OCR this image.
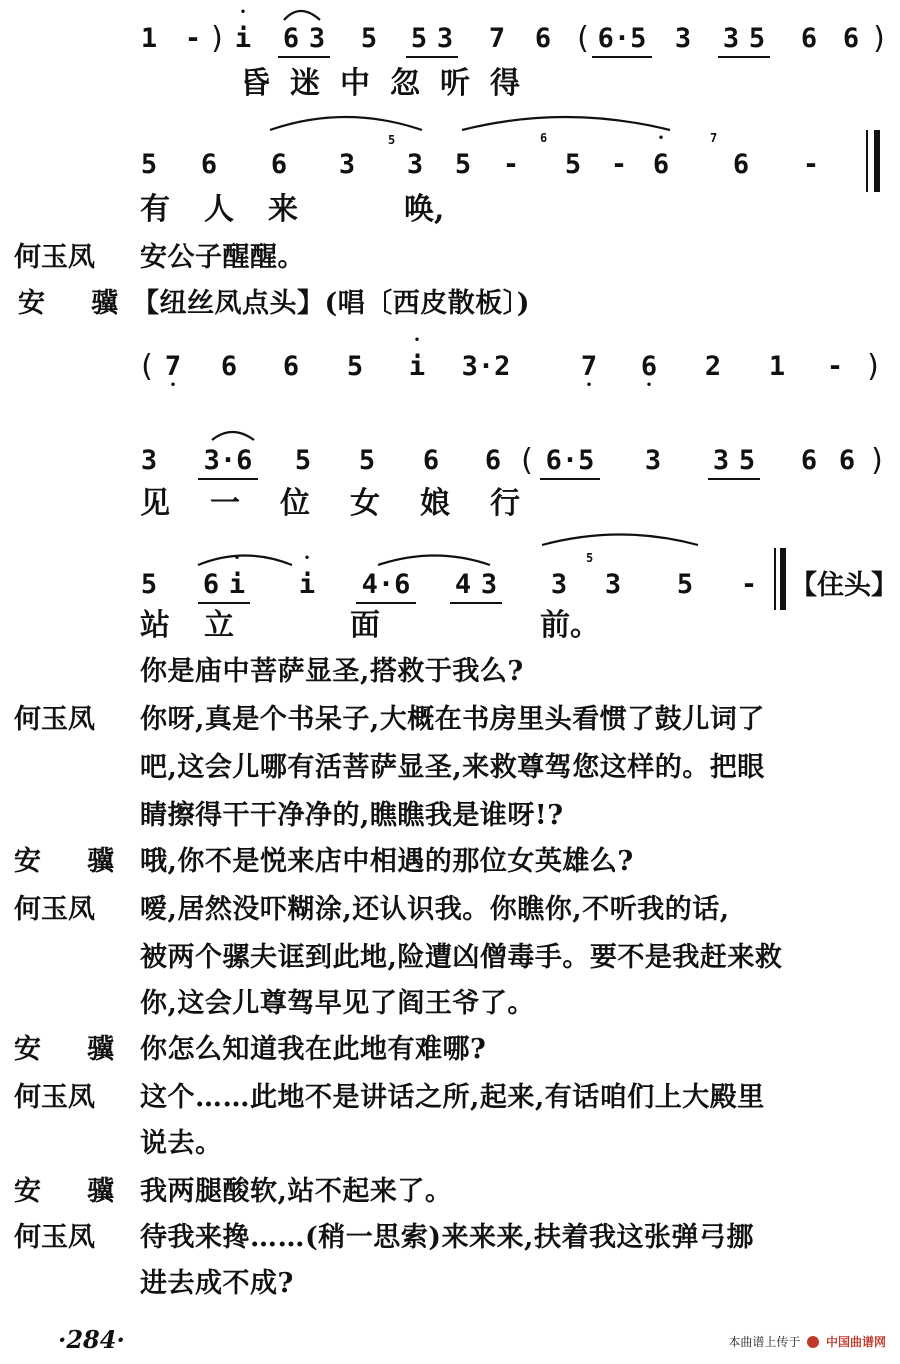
1 - ) • i 6 3 5 5 3 7 6 ( 6·5 3 3 5 6 6 )
昏迷中忽听得
5 6 6 3
5
3 5 -
6
5 - • 6
7
6 -
有人来 唤,
何玉凤	安公子醒醒。
安 骥 【纽丝凤点头】(唱〔西皮散板〕)
( 7 • 6 6 5 • i 3·2	7 • 6 • 2 1 - )
3 3·6 5 5 6 6 ( 6·5 3 3 5 6 6 )
见一位女娘行
5 6 • i • i 4·6 4 3 3
5
3 5 - 【住头】
站 立	面	前。
你是庙中菩萨显圣,搭救于我么?
何玉凤	你呀,真是个书呆子,大概在书房里头看惯了鼓儿词了
吧,这会儿哪有活菩萨显圣,来救尊驾您这样的。把眼
睛擦得干干净净的,瞧瞧我是谁呀!?
安 骥 哦,你不是悦来店中相遇的那位女英雄么?
何玉凤	嗳,居然没吓糊涂,还认识我。你瞧你,不听我的话,
被两个骡夫诓到此地,险遭凶僧毒手。要不是我赶来救
你,这会儿尊驾早见了阎王爷了。
安 骥 你怎么知道我在此地有难哪?
何玉凤	这个……此地不是讲话之所,起来,有话咱们上大殿里
说去。
安 骥 我两腿酸软,站不起来了。
何玉凤	待我来搀……(稍一思索)来来来,扶着我这张弹弓挪
进去成不成?
·284·	本曲谱上传于 中国曲谱网
